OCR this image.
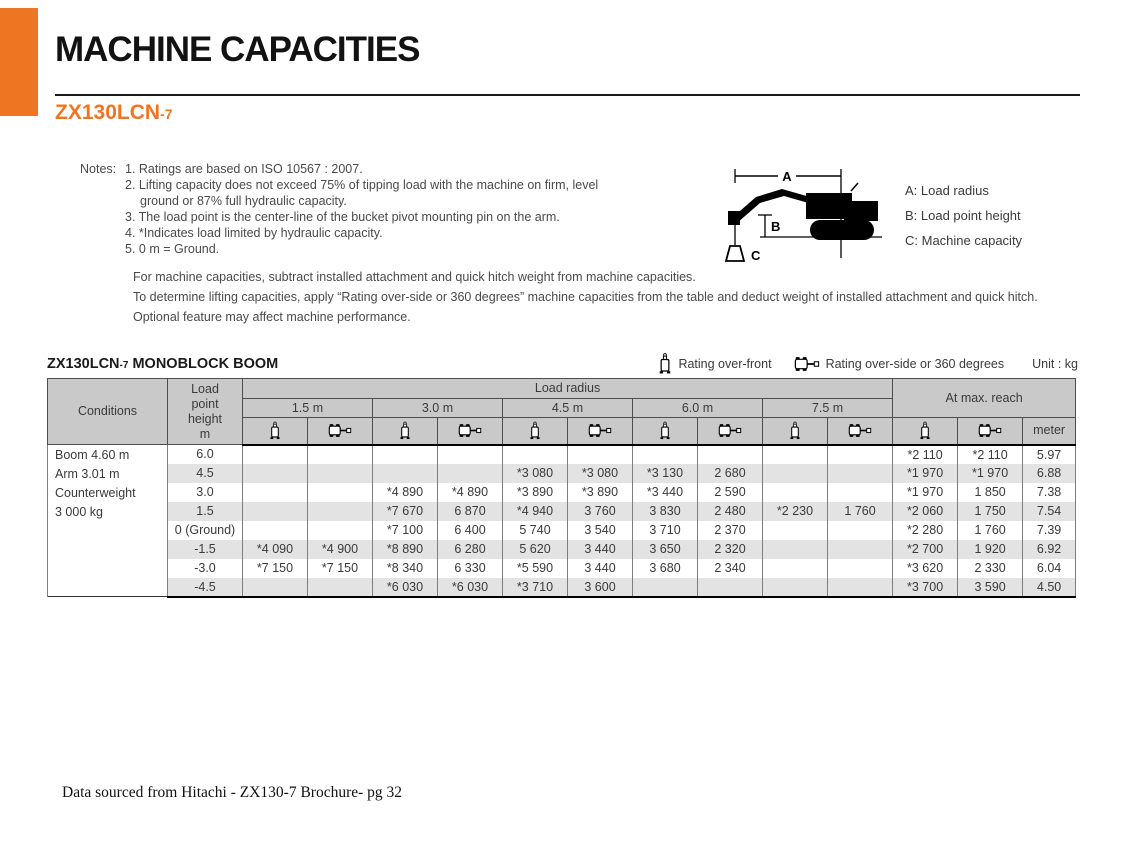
MACHINE CAPACITIES
ZX130LCN-7
Notes: 1. Ratings are based on ISO 10567 : 2007.
2. Lifting capacity does not exceed 75% of tipping load with the machine on firm, level ground or 87% full hydraulic capacity.
3. The load point is the center-line of the bucket pivot mounting pin on the arm.
4. *Indicates load limited by hydraulic capacity.
5. 0 m = Ground.

For machine capacities, subtract installed attachment and quick hitch weight from machine capacities.

To determine lifting capacities, apply “Rating over-side or 360 degrees” machine capacities from the table and deduct weight of installed attachment and quick hitch.

Optional feature may affect machine performance.

A
B
C
A: Load radius
B: Load point height
C: Machine capacity
ZX130LCN-7 MONOBLOCK BOOM	Rating over-front	Rating over-side or 360 degrees Unit : kg
Conditions	Load
point
height
m	Load radius										At max. reach		
		1.5 m		3.0 m		4.5 m		6.0 m		7.5 m				
												meter

Boom 4.60 m
Arm 3.01 m
Counterweight
3 000 kg	6.0											*2 110	*2 110	5.97
	4.5					*3 080	*3 080	*3 130	2 680			*1 970	*1 970	6.88
	3.0			*4 890	*4 890	*3 890	*3 890	*3 440	2 590			*1 970	1 850	7.38
	1.5			*7 670	6 870	*4 940	3 760	3 830	2 480	*2 230	1 760	*2 060	1 750	7.54
	0 (Ground)			*7 100	6 400	5 740	3 540	3 710	2 370			*2 280	1 760	7.39
	-1.5	*4 090	*4 900	*8 890	6 280	5 620	3 440	3 650	2 320			*2 700	1 920	6.92
	-3.0	*7 150	*7 150	*8 340	6 330	*5 590	3 440	3 680	2 340			*3 620	2 330	6.04
	-4.5			*6 030	*6 030	*3 710	3 600					*3 700	3 590	4.50
Data sourced from Hitachi - ZX130-7 Brochure- pg 32
